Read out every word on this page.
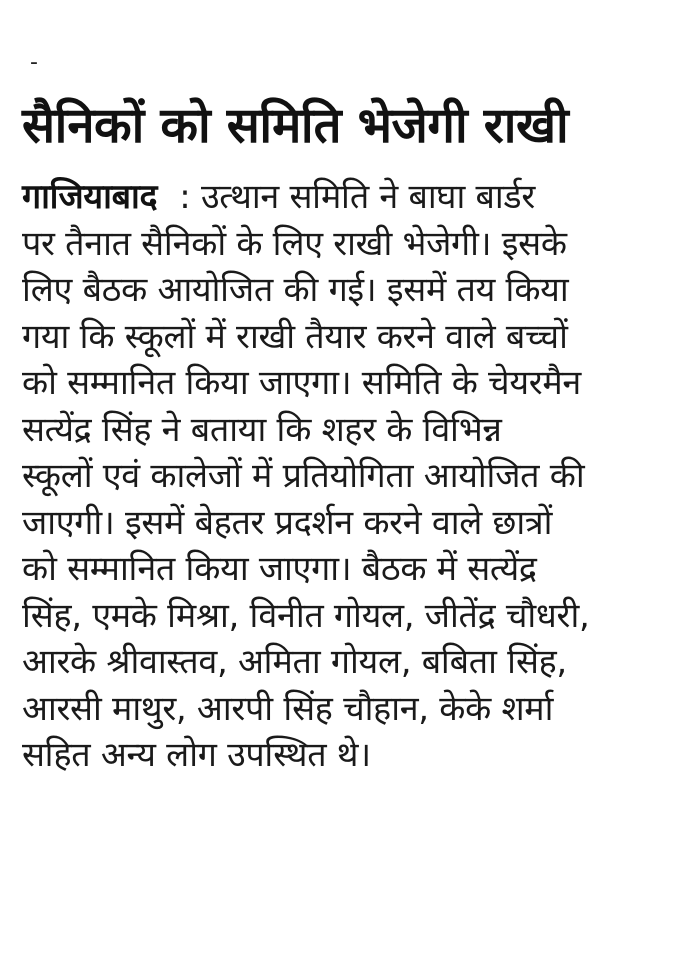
-
सैनिकों को समिति भेजेगी राखी
गाजियाबाद : उत्थान समिति ने बाघा बार्डर
पर तैनात सैनिकों के लिए राखी भेजेगी। इसके
लिए बैठक आयोजित की गई। इसमें तय किया
गया कि स्कूलों में राखी तैयार करने वाले बच्चों
को सम्मानित किया जाएगा। समिति के चेयरमैन
सत्येंद्र सिंह ने बताया कि शहर के विभिन्न
स्कूलों एवं कालेजों में प्रतियोगिता आयोजित की
जाएगी। इसमें बेहतर प्रदर्शन करने वाले छात्रों
को सम्मानित किया जाएगा। बैठक में सत्येंद्र
सिंह, एमके मिश्रा, विनीत गोयल, जीतेंद्र चौधरी,
आरके श्रीवास्तव, अमिता गोयल, बबिता सिंह,
आरसी माथुर, आरपी सिंह चौहान, केके शर्मा
सहित अन्य लोग उपस्थित थे।
